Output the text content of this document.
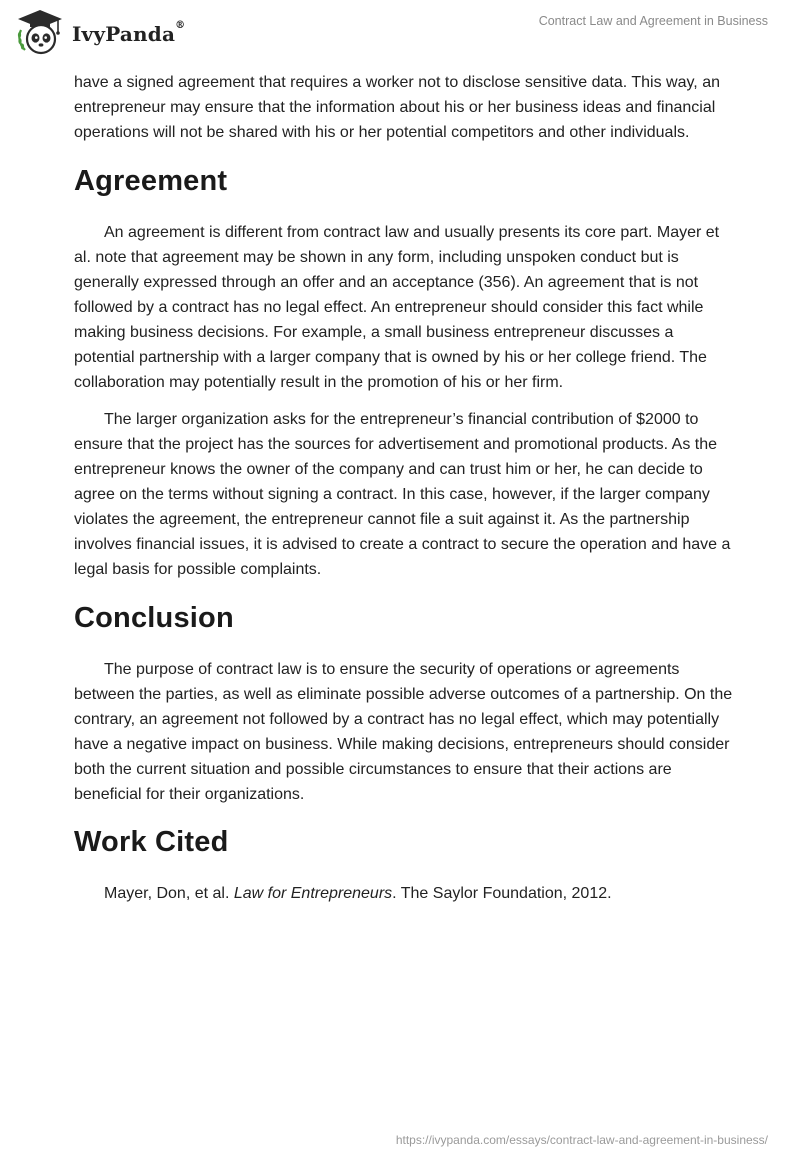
IvyPanda®	Contract Law and Agreement in Business

have a signed agreement that requires a worker not to disclose sensitive data. This way, an entrepreneur may ensure that the information about his or her business ideas and financial operations will not be shared with his or her potential competitors and other individuals.

Agreement

An agreement is different from contract law and usually presents its core part. Mayer et al. note that agreement may be shown in any form, including unspoken conduct but is generally expressed through an offer and an acceptance (356). An agreement that is not followed by a contract has no legal effect. An entrepreneur should consider this fact while making business decisions. For example, a small business entrepreneur discusses a potential partnership with a larger company that is owned by his or her college friend. The collaboration may potentially result in the promotion of his or her firm.

The larger organization asks for the entrepreneur’s financial contribution of $2000 to ensure that the project has the sources for advertisement and promotional products. As the entrepreneur knows the owner of the company and can trust him or her, he can decide to agree on the terms without signing a contract. In this case, however, if the larger company violates the agreement, the entrepreneur cannot file a suit against it. As the partnership involves financial issues, it is advised to create a contract to secure the operation and have a legal basis for possible complaints.

Conclusion

The purpose of contract law is to ensure the security of operations or agreements between the parties, as well as eliminate possible adverse outcomes of a partnership. On the contrary, an agreement not followed by a contract has no legal effect, which may potentially have a negative impact on business. While making decisions, entrepreneurs should consider both the current situation and possible circumstances to ensure that their actions are beneficial for their organizations.

Work Cited

Mayer, Don, et al. Law for Entrepreneurs. The Saylor Foundation, 2012.

https://ivypanda.com/essays/contract-law-and-agreement-in-business/
